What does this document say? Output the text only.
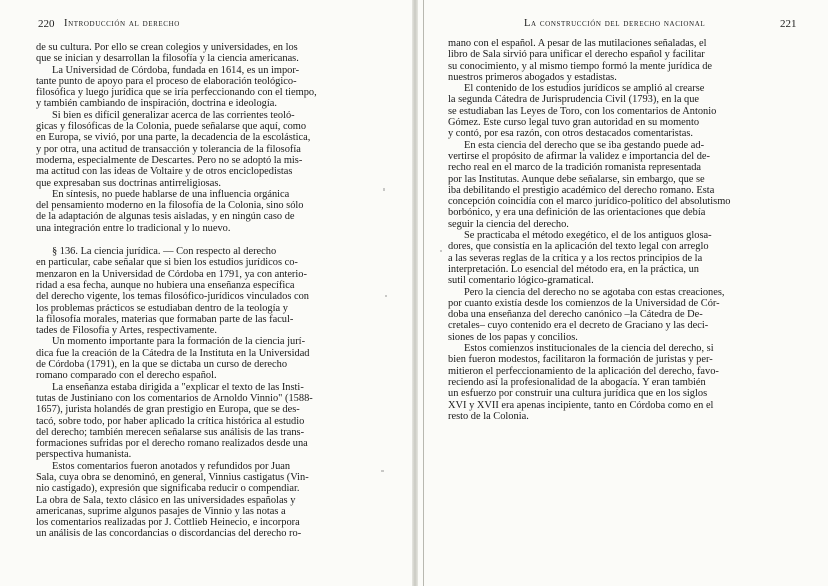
220 Introducción al derecho
de su cultura. Por ello se crean colegios y universidades, en los
que se inician y desarrollan la filosofía y la ciencia americanas.
La Universidad de Córdoba, fundada en 1614, es un impor-
tante punto de apoyo para el proceso de elaboración teológico-
filosófica y luego jurídica que se iría perfeccionando con el tiempo,
y también cambiando de inspiración, doctrina e ideología.
Si bien es difícil generalizar acerca de las corrientes teoló-
gicas y filosóficas de la Colonia, puede señalarse que aquí, como
en Europa, se vivió, por una parte, la decadencia de la escolástica,
y por otra, una actitud de transacción y tolerancia de la filosofía
moderna, especialmente de Descartes. Pero no se adoptó la mis-
ma actitud con las ideas de Voltaire y de otros enciclopedistas
que expresaban sus doctrinas antirreligiosas.
En síntesis, no puede hablarse de una influencia orgánica
del pensamiento moderno en la filosofía de la Colonia, sino sólo
de la adaptación de algunas tesis aisladas, y en ningún caso de
una integración entre lo tradicional y lo nuevo.
§ 136. La ciencia jurídica. — Con respecto al derecho
en particular, cabe señalar que si bien los estudios jurídicos co-
menzaron en la Universidad de Córdoba en 1791, ya con anterio-
ridad a esa fecha, aunque no hubiera una enseñanza específica
del derecho vigente, los temas filosófico-jurídicos vinculados con
los problemas prácticos se estudiaban dentro de la teología y
la filosofía morales, materias que formaban parte de las facul-
tades de Filosofía y Artes, respectivamente.
Un momento importante para la formación de la ciencia jurí-
dica fue la creación de la Cátedra de la Instituta en la Universidad
de Córdoba (1791), en la que se dictaba un curso de derecho
romano comparado con el derecho español.
La enseñanza estaba dirigida a "explicar el texto de las Insti-
tutas de Justiniano con los comentarios de Arnoldo Vinnio" (1588-
1657), jurista holandés de gran prestigio en Europa, que se des-
tacó, sobre todo, por haber aplicado la crítica histórica al estudio
del derecho; también merecen señalarse sus análisis de las trans-
formaciones sufridas por el derecho romano realizados desde una
perspectiva humanista.
Estos comentarios fueron anotados y refundidos por Juan
Sala, cuya obra se denominó, en general, Vinnius castigatus (Vin-
nio castigado), expresión que significaba reducir o compendiar.
La obra de Sala, texto clásico en las universidades españolas y
americanas, suprime algunos pasajes de Vinnio y las notas a
los comentarios realizadas por J. Cottlieb Heinecio, e incorpora
un análisis de las concordancias o discordancias del derecho ro-
La construcción del derecho nacional	221
mano con el español. A pesar de las mutilaciones señaladas, el
libro de Sala sirvió para unificar el derecho español y facilitar
su conocimiento, y al mismo tiempo formó la mente jurídica de
nuestros primeros abogados y estadistas.
El contenido de los estudios jurídicos se amplió al crearse
la segunda Cátedra de Jurisprudencia Civil (1793), en la que
se estudiaban las Leyes de Toro, con los comentarios de Antonio
Gómez. Este curso legal tuvo gran autoridad en su momento
y contó, por esa razón, con otros destacados comentaristas.
En esta ciencia del derecho que se iba gestando puede ad-
vertirse el propósito de afirmar la validez e importancia del de-
recho real en el marco de la tradición romanista representada
por las Institutas. Aunque debe señalarse, sin embargo, que se
iba debilitando el prestigio académico del derecho romano. Esta
concepción coincidía con el marco jurídico-político del absolutismo
borbónico, y era una definición de las orientaciones que debía
seguir la ciencia del derecho.
Se practicaba el método exegético, el de los antiguos glosa-
dores, que consistía en la aplicación del texto legal con arreglo
a las severas reglas de la crítica y a los rectos principios de la
interpretación. Lo esencial del método era, en la práctica, un
sutil comentario lógico-gramatical.
Pero la ciencia del derecho no se agotaba con estas creaciones,
por cuanto existía desde los comienzos de la Universidad de Cór-
doba una enseñanza del derecho canónico –la Cátedra de De-
cretales– cuyo contenido era el decreto de Graciano y las deci-
siones de los papas y concilios.
Estos comienzos institucionales de la ciencia del derecho, si
bien fueron modestos, facilitaron la formación de juristas y per-
mitieron el perfeccionamiento de la aplicación del derecho, favo-
reciendo así la profesionalidad de la abogacía. Y eran también
un esfuerzo por construir una cultura jurídica que en los siglos
XVI y XVII era apenas incipiente, tanto en Córdoba como en el
resto de la Colonia.
